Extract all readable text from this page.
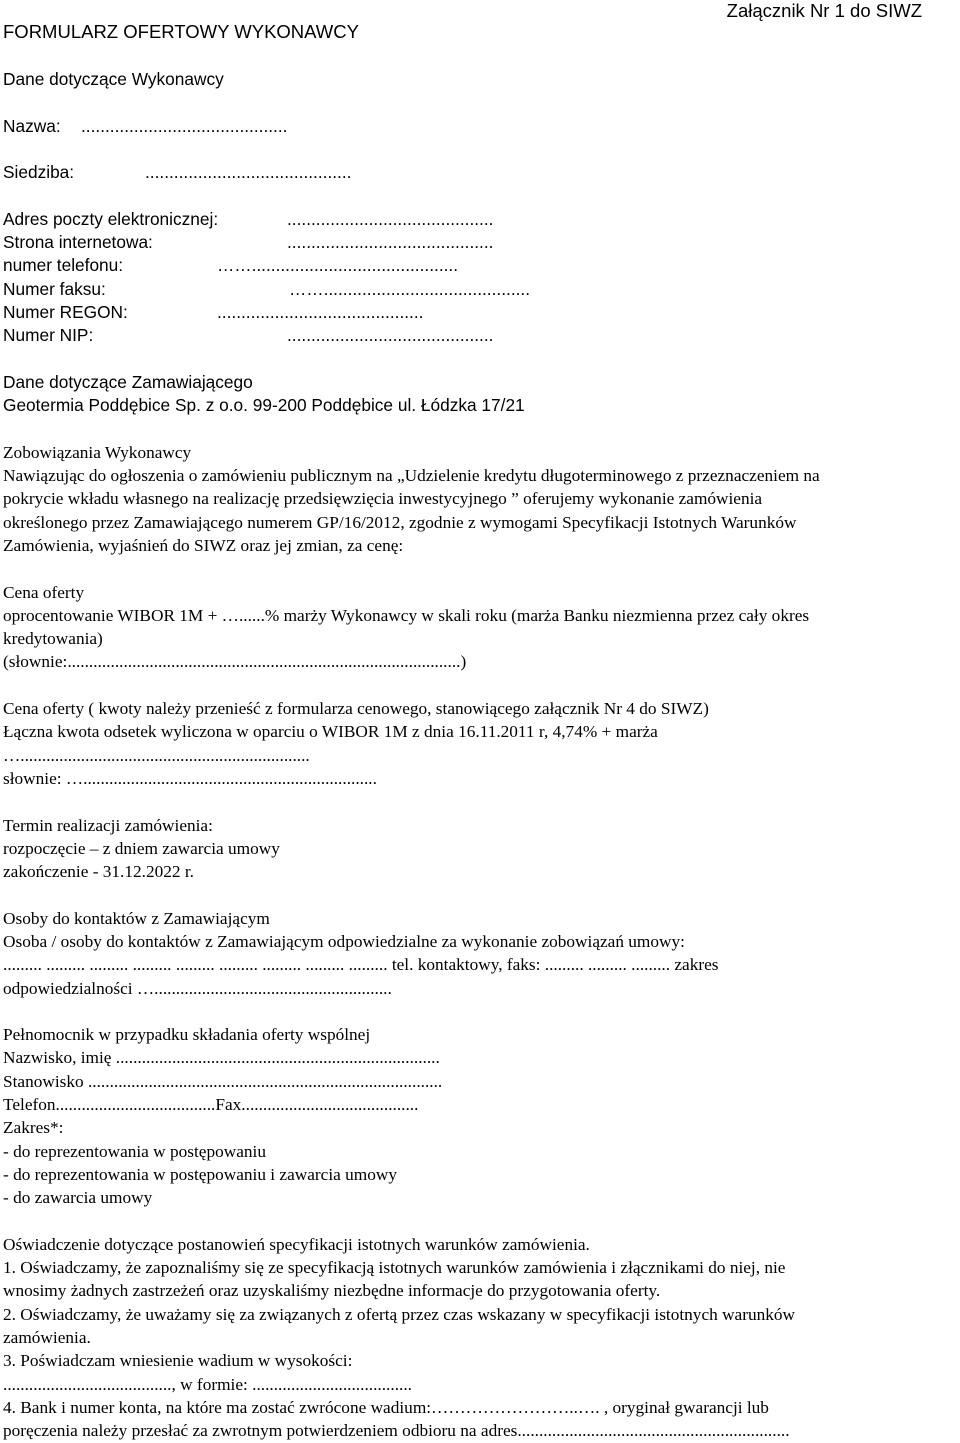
FORMULARZ OFERTOWY WYKONAWCY
Załącznik Nr 1 do SIWZ
Dane dotyczące Wykonawcy
Nazwa: ...........................................
Siedziba:	...........................................
Adres poczty elektronicznej:	...........................................
Strona internetowa:	...........................................
numer telefonu:	……...........................................
Numer faksu:	……...........................................
Numer REGON:	...........................................
Numer NIP:	...........................................
Dane dotyczące Zamawiającego
Geotermia Poddębice Sp. z o.o. 99-200 Poddębice ul. Łódzka 17/21
Zobowiązania Wykonawcy
Nawiązując do ogłoszenia o zamówieniu publicznym na „Udzielenie kredytu długoterminowego z przeznaczeniem na
pokrycie wkładu własnego na realizację przedsięwzięcia inwestycyjnego ” oferujemy wykonanie zamówienia
określonego przez Zamawiającego numerem GP/16/2012, zgodnie z wymogami Specyfikacji Istotnych Warunków
Zamówienia, wyjaśnień do SIWZ oraz jej zmian, za cenę:
Cena oferty
oprocentowanie WIBOR 1M + …......% marży Wykonawcy w skali roku (marża Banku niezmienna przez cały okres
kredytowania)
(słownie:...........................................................................................)
Cena oferty ( kwoty należy przenieść z formularza cenowego, stanowiącego załącznik Nr 4 do SIWZ)
Łączna kwota odsetek wyliczona w oparciu o WIBOR 1M z dnia 16.11.2011 r, 4,74% + marża
…...................................................................
słownie: …....................................................................
Termin realizacji zamówienia:
rozpoczęcie – z dniem zawarcia umowy
zakończenie - 31.12.2022 r.
Osoby do kontaktów z Zamawiającym
Osoba / osoby do kontaktów z Zamawiającym odpowiedzialne za wykonanie zobowiązań umowy:
......... ......... ......... ......... ......... ......... ......... ......... ......... tel. kontaktowy, faks: ......... ......... ......... zakres
odpowiedzialności ….......................................................
Pełnomocnik w przypadku składania oferty wspólnej
Nazwisko, imię ...........................................................................
Stanowisko ..................................................................................
Telefon.....................................Fax.........................................
Zakres*:
- do reprezentowania w postępowaniu
- do reprezentowania w postępowaniu i zawarcia umowy
- do zawarcia umowy
Oświadczenie dotyczące postanowień specyfikacji istotnych warunków zamówienia.
1. Oświadczamy, że zapoznaliśmy się ze specyfikacją istotnych warunków zamówienia i złącznikami do niej, nie
wnosimy żadnych zastrzeżeń oraz uzyskaliśmy niezbędne informacje do przygotowania oferty.
2. Oświadczamy, że uważamy się za związanych z ofertą przez czas wskazany w specyfikacji istotnych warunków
zamówienia.
3. Poświadczam wniesienie wadium w wysokości:
......................................., w formie: .....................................
4. Bank i numer konta, na które ma zostać zwrócone wadium:……………………..…. , oryginał gwarancji lub
poręczenia należy przesłać za zwrotnym potwierdzeniem odbioru na adres...............................................................
